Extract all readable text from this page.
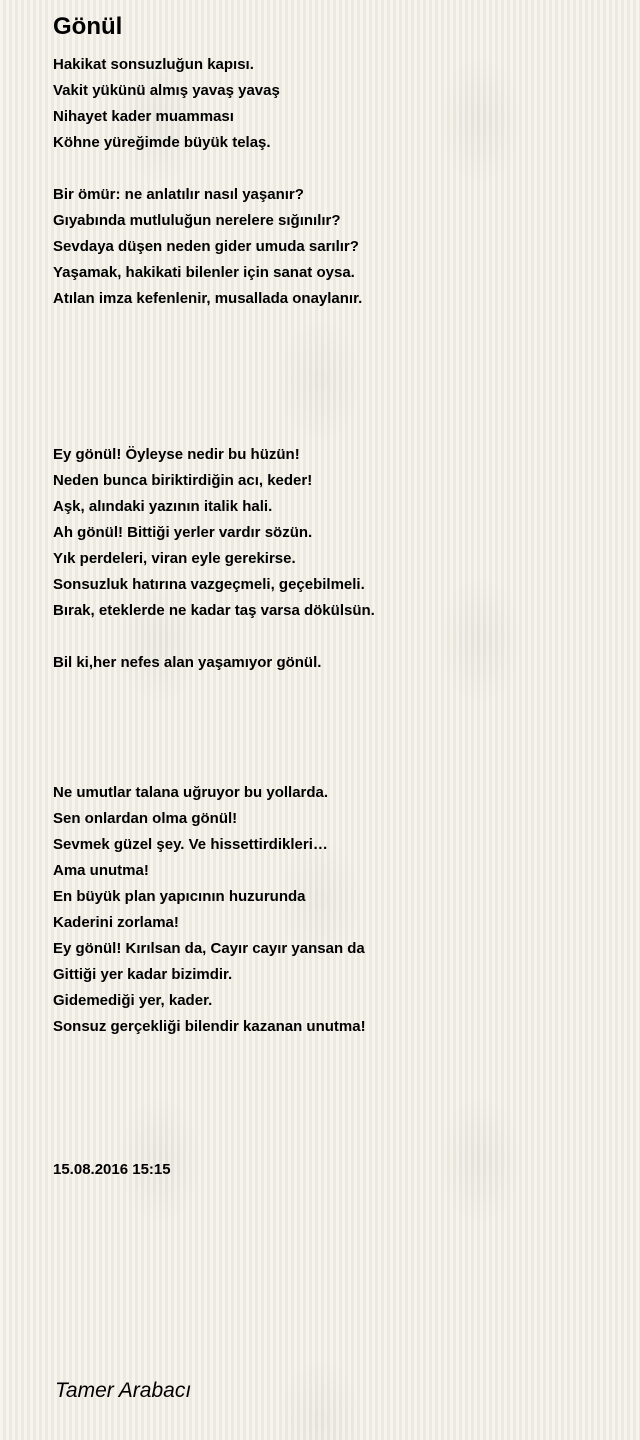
Gönül
Hakikat sonsuzluğun kapısı.
Vakit yükünü almış yavaş yavaş
Nihayet kader muamması
Köhne yüreğimde büyük telaş.
Bir ömür: ne anlatılır nasıl yaşanır?
Gıyabında mutluluğun nerelere sığınılır?
Sevdaya düşen neden gider umuda sarılır?
Yaşamak, hakikati bilenler için sanat oysa.
Atılan imza kefenlenir, musallada onaylanır.
Ey gönül! Öyleyse nedir bu hüzün!
Neden bunca biriktirdiğin acı, keder!
Aşk, alındaki yazının italik hali.
Ah gönül! Bittiği yerler vardır sözün.
Yık perdeleri, viran eyle gerekirse.
Sonsuzluk hatırına vazgeçmeli, geçebilmeli.
Bırak, eteklerde ne kadar taş varsa dökülsün.
Bil ki,her nefes alan yaşamıyor gönül.
Ne umutlar talana uğruyor bu yollarda.
Sen onlardan olma gönül!
Sevmek güzel şey. Ve hissettirdikleri…
Ama unutma!
En büyük plan yapıcının huzurunda
Kaderini zorlama!
Ey gönül! Kırılsan da, Cayır cayır yansan da
Gittiği yer kadar bizimdir.
Gidemediği yer, kader.
Sonsuz gerçekliği bilendir kazanan unutma!
15.08.2016 15:15
Tamer Arabacı
